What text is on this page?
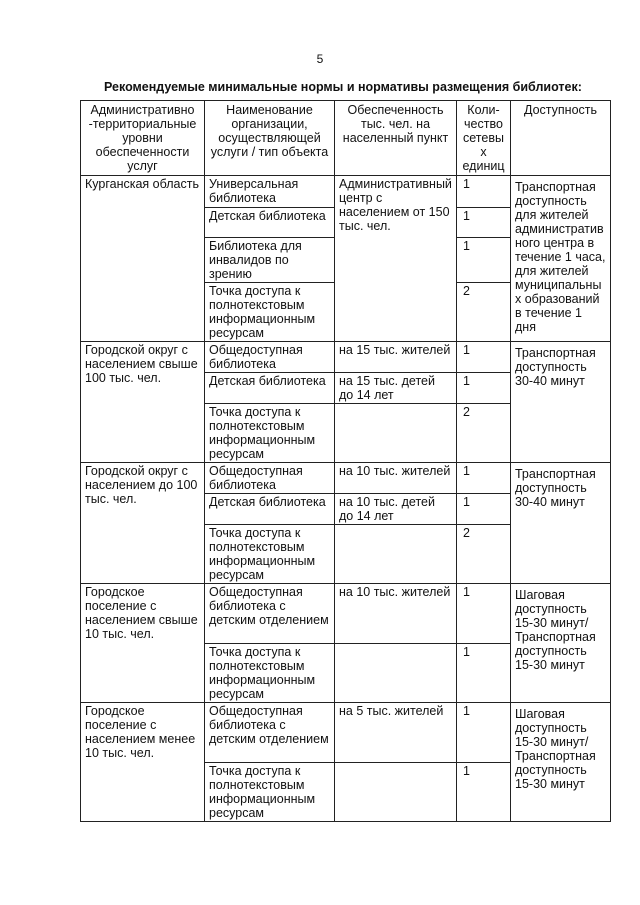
5
Рекомендуемые минимальные нормы и нормативы размещения библиотек:
Административно -территориальные уровни обеспеченности услуг	Наименование организации, осуществляющей услуги / тип объекта	Обеспеченность тыс. чел. на населенный пункт	Коли-чество сетевых единиц	Доступность
Курганская область	Универсальная библиотека	Административный центр с населением от 150 тыс. чел.	1	Транспортная доступность для жителей административного центра в течение 1 часа, для жителей муниципальных образований в течение 1 дня
	Детская библиотека		1	
	Библиотека для инвалидов по зрению		1	
	Точка доступа к полнотекстовым информационным ресурсам		2	
Городской округ с населением свыше 100 тыс. чел.	Общедоступная библиотека	на 15 тыс. жителей	1	Транспортная доступность 30-40 минут
	Детская библиотека	на 15 тыс. детей до 14 лет	1	
	Точка доступа к полнотекстовым информационным ресурсам		2	
Городской округ с населением до 100 тыс. чел.	Общедоступная библиотека	на 10 тыс. жителей	1	Транспортная доступность 30-40 минут
	Детская библиотека	на 10 тыс. детей до 14 лет	1	
	Точка доступа к полнотекстовым информационным ресурсам		2	
Городское поселение с населением свыше 10 тыс. чел.	Общедоступная библиотека с детским отделением	на 10 тыс. жителей	1	Шаговая доступность 15-30 минут/ Транспортная доступность 15-30 минут
	Точка доступа к полнотекстовым информационным ресурсам		1	
Городское поселение с населением менее 10 тыс. чел.	Общедоступная библиотека с детским отделением	на 5 тыс. жителей	1	Шаговая доступность 15-30 минут/ Транспортная доступность 15-30 минут
	Точка доступа к полнотекстовым информационным ресурсам		1	
